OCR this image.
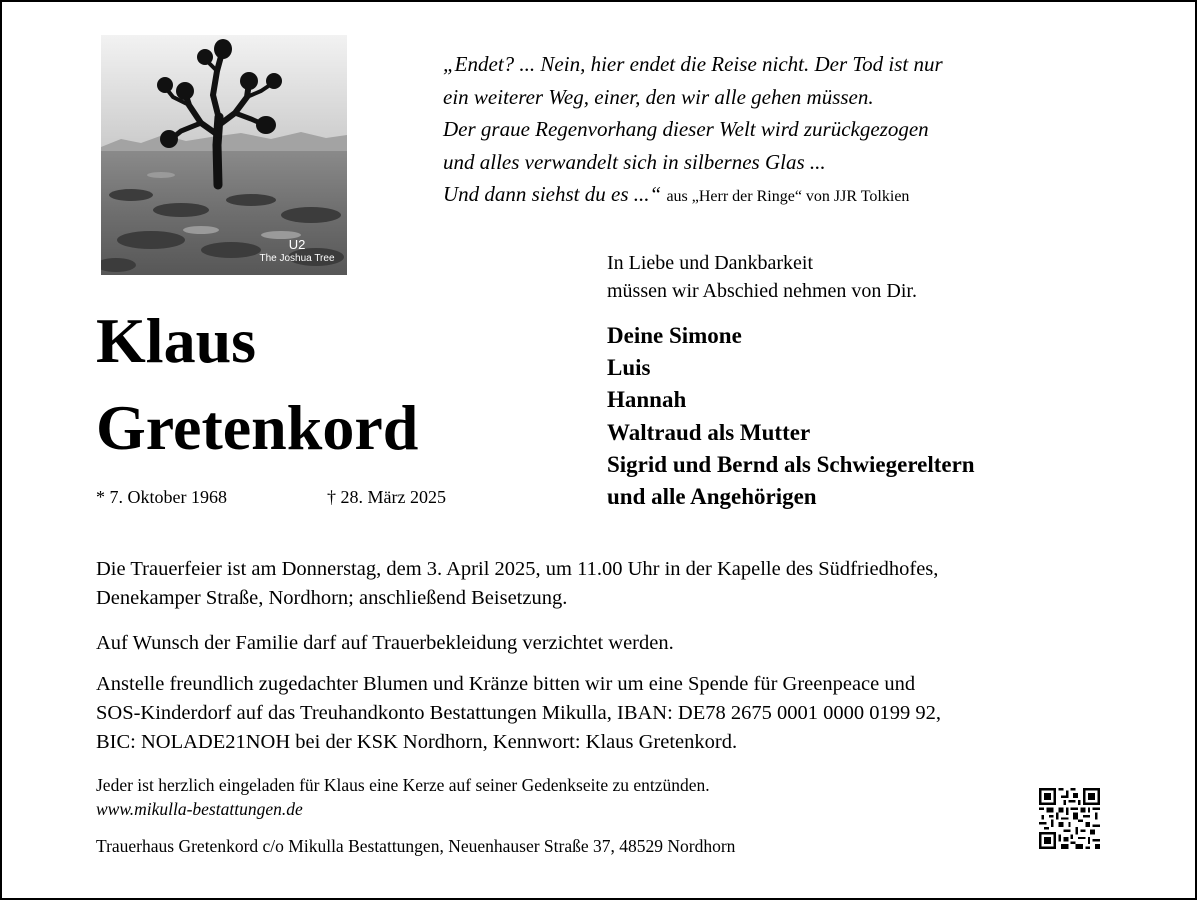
U2
The Joshua Tree
„Endet? ... Nein, hier endet die Reise nicht. Der Tod ist nur
ein weiterer Weg, einer, den wir alle gehen müssen.
Der graue Regenvorhang dieser Welt wird zurückgezogen
und alles verwandelt sich in silbernes Glas ...
Und dann siehst du es ...“ aus „Herr der Ringe“ von JJR Tolkien
In Liebe und Dankbarkeit
müssen wir Abschied nehmen von Dir.
Deine Simone
Luis
Hannah
Waltraud als Mutter
Sigrid und Bernd als Schwiegereltern
und alle Angehörigen
Klaus
Gretenkord
* 7. Oktober 1968	† 28. März 2025
Die Trauerfeier ist am Donnerstag, dem 3. April 2025, um 11.00 Uhr in der Kapelle des Südfriedhofes,
Denekamper Straße, Nordhorn; anschließend Beisetzung.
Auf Wunsch der Familie darf auf Trauerbekleidung verzichtet werden.
Anstelle freundlich zugedachter Blumen und Kränze bitten wir um eine Spende für Greenpeace und
SOS-Kinderdorf auf das Treuhandkonto Bestattungen Mikulla, IBAN: DE78 2675 0001 0000 0199 92,
BIC: NOLADE21NOH bei der KSK Nordhorn, Kennwort: Klaus Gretenkord.
Jeder ist herzlich eingeladen für Klaus eine Kerze auf seiner Gedenkseite zu entzünden.
www.mikulla-bestattungen.de
Trauerhaus Gretenkord c/o Mikulla Bestattungen, Neuenhauser Straße 37, 48529 Nordhorn
